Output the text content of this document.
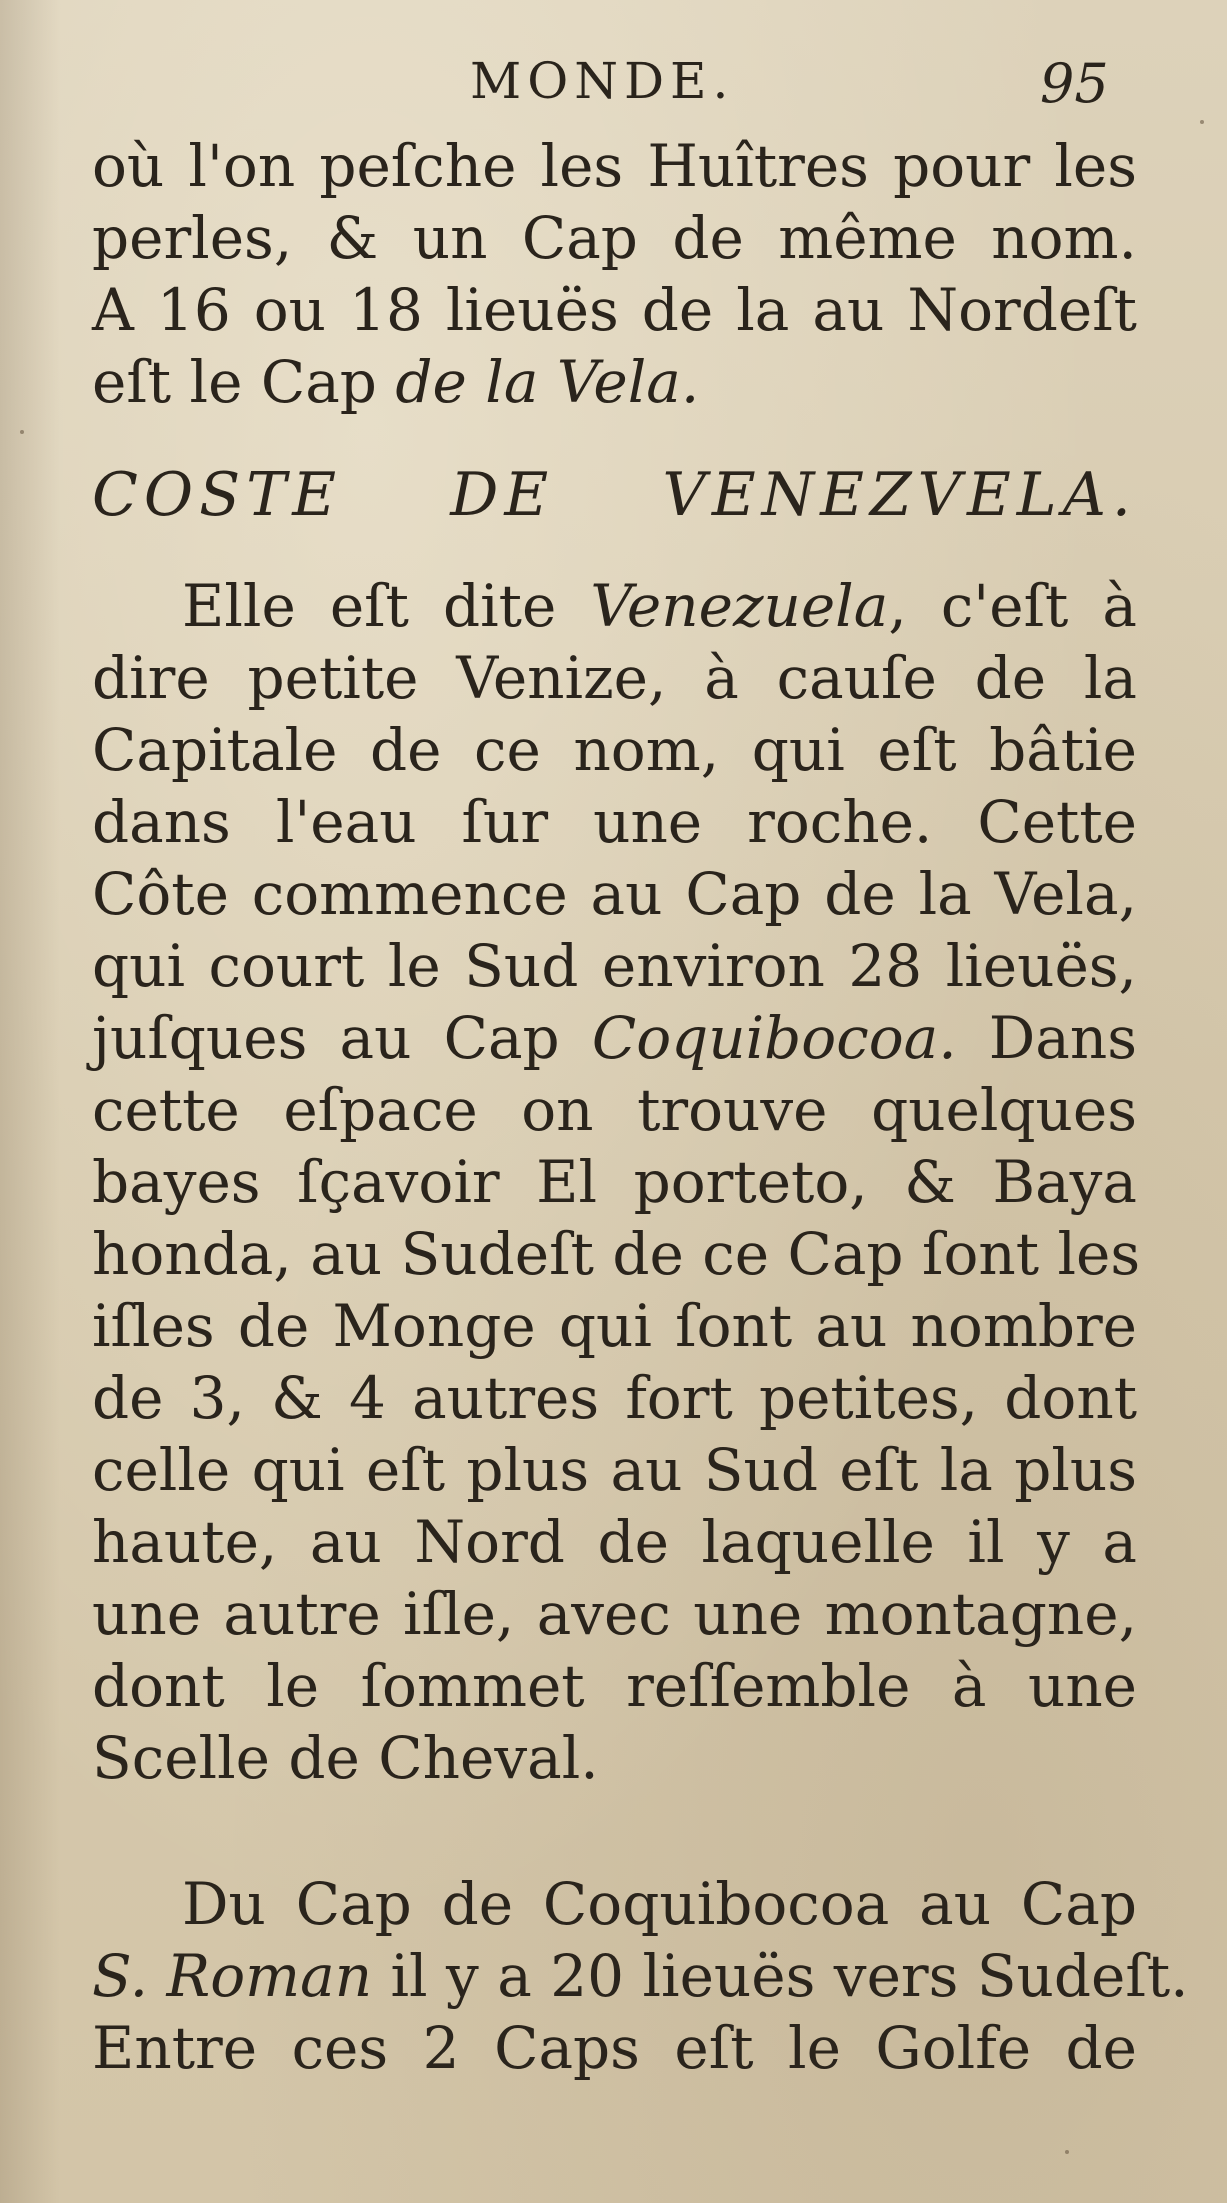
MONDE.	95
où l'on peſche les Huîtres pour les
perles, & un Cap de même nom.
A 16 ou 18 lieuës de la au Nordeſt
eſt le Cap de la Vela.
COSTE DE VENEZVELA.
Elle eſt dite Venezuela, c'eſt à
dire petite Venize, à cauſe de la
Capitale de ce nom, qui eſt bâtie
dans l'eau ſur une roche. Cette
Côte commence au Cap de la Vela,
qui court le Sud environ 28 lieuës,
juſques au Cap Coquibocoa. Dans
cette eſpace on trouve quelques
bayes ſçavoir El porteto, & Baya
honda, au Sudeſt de ce Cap ſont les
iſles de Monge qui ſont au nombre
de 3, & 4 autres fort petites, dont
celle qui eſt plus au Sud eſt la plus
haute, au Nord de laquelle il y a
une autre iſle, avec une montagne,
dont le ſommet reſſemble à une
Scelle de Cheval.
Du Cap de Coquibocoa au Cap
S. Roman il y a 20 lieuës vers Sudeſt.
Entre ces 2 Caps eſt le Golfe de
